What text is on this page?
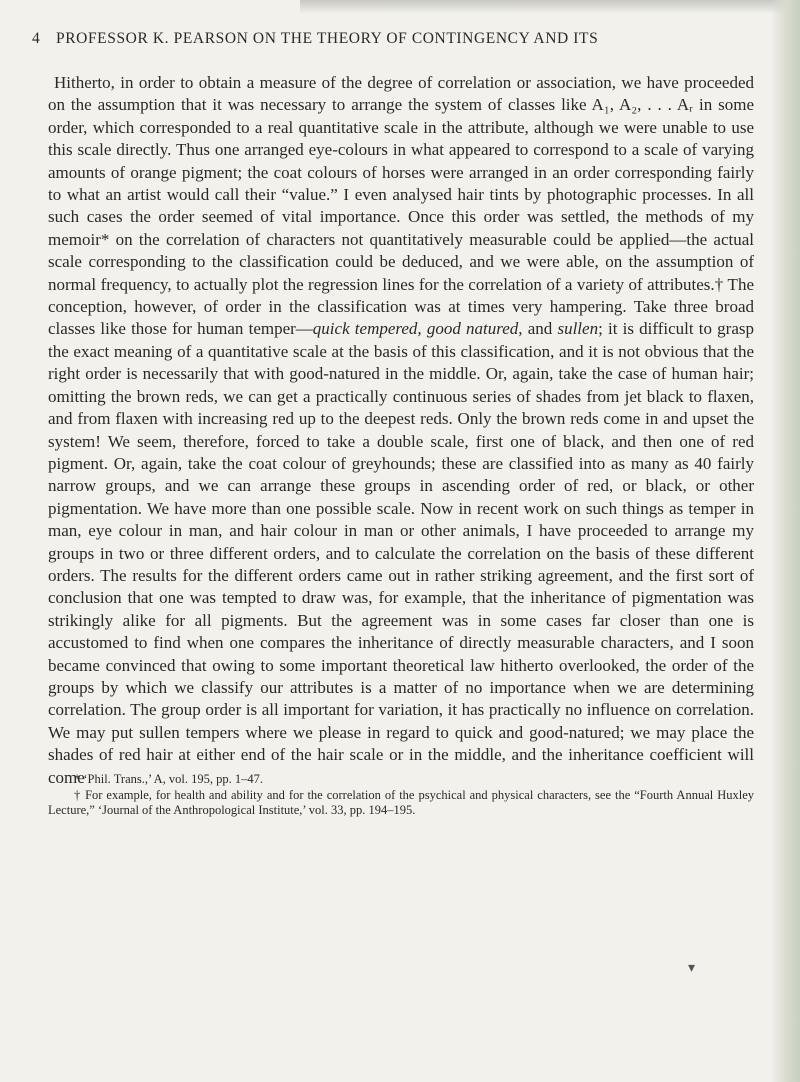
4 PROFESSOR K. PEARSON ON THE THEORY OF CONTINGENCY AND ITS

Hitherto, in order to obtain a measure of the degree of correlation or association, we have proceeded on the assumption that it was necessary to arrange the system of classes like A₁, A₂, . . . Aᵣ in some order, which corresponded to a real quantitative scale in the attribute, although we were unable to use this scale directly. Thus one arranged eye-colours in what appeared to correspond to a scale of varying amounts of orange pigment; the coat colours of horses were arranged in an order corresponding fairly to what an artist would call their “value.” I even analysed hair tints by photographic processes. In all such cases the order seemed of vital importance. Once this order was settled, the methods of my memoir* on the correlation of characters not quantitatively measurable could be applied—the actual scale corresponding to the classification could be deduced, and we were able, on the assumption of normal frequency, to actually plot the regression lines for the correlation of a variety of attributes.† The conception, however, of order in the classification was at times very hampering. Take three broad classes like those for human temper—quick tempered, good natured, and sullen; it is difficult to grasp the exact meaning of a quantitative scale at the basis of this classification, and it is not obvious that the right order is necessarily that with good-natured in the middle. Or, again, take the case of human hair; omitting the brown reds, we can get a practically continuous series of shades from jet black to flaxen, and from flaxen with increasing red up to the deepest reds. Only the brown reds come in and upset the system! We seem, therefore, forced to take a double scale, first one of black, and then one of red pigment. Or, again, take the coat colour of greyhounds; these are classified into as many as 40 fairly narrow groups, and we can arrange these groups in ascending order of red, or black, or other pigmentation. We have more than one possible scale. Now in recent work on such things as temper in man, eye colour in man, and hair colour in man or other animals, I have proceeded to arrange my groups in two or three different orders, and to calculate the correlation on the basis of these different orders. The results for the different orders came out in rather striking agreement, and the first sort of conclusion that one was tempted to draw was, for example, that the inheritance of pigmentation was strikingly alike for all pigments. But the agreement was in some cases far closer than one is accustomed to find when one compares the inheritance of directly measurable characters, and I soon became convinced that owing to some important theoretical law hitherto overlooked, the order of the groups by which we classify our attributes is a matter of no importance when we are determining correlation. The group order is all important for variation, it has practically no influence on correlation. We may put sullen tempers where we please in regard to quick and good-natured; we may place the shades of red hair at either end of the hair scale or in the middle, and the inheritance coefficient will come

* ‘Phil. Trans.,’ A, vol. 195, pp. 1–47.

† For example, for health and ability and for the correlation of the psychical and physical characters, see the “Fourth Annual Huxley Lecture,” ‘Journal of the Anthropological Institute,’ vol. 33, pp. 194–195.

▾
